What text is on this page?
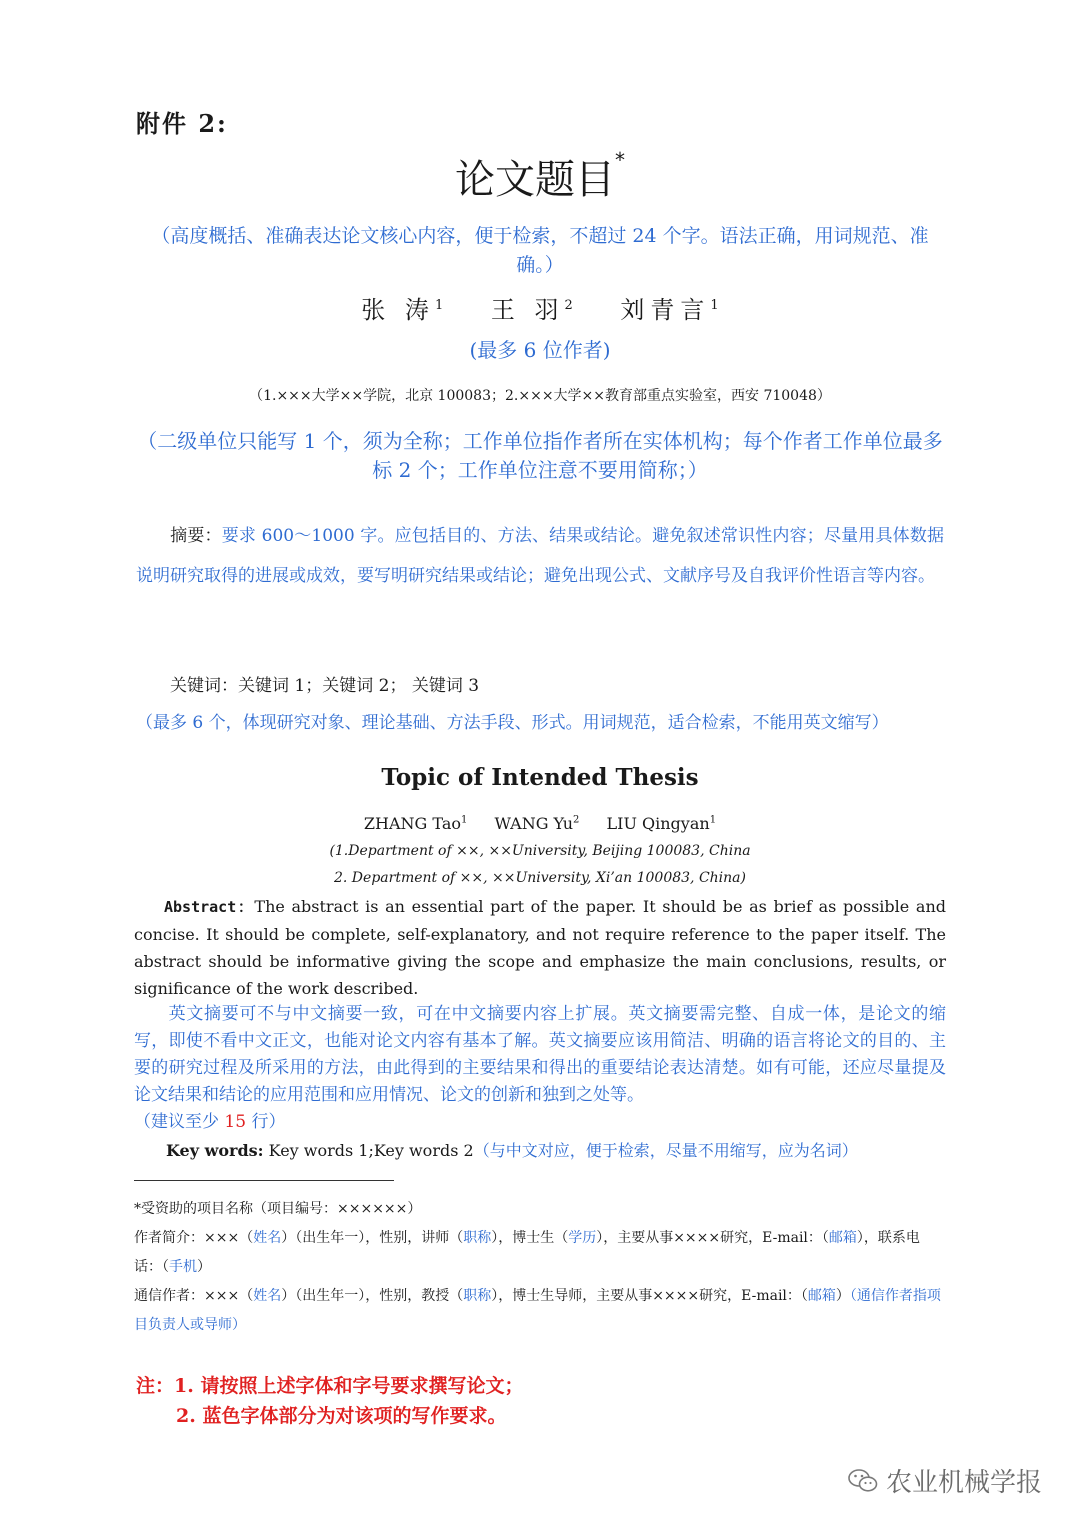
附件 2:
论文题目*
（高度概括、准确表达论文核心内容，便于检索，不超过 24 个字。语法正确，用词规范、准确。）
张 涛$^1$ 王 羽$^2$ 刘青言$^1$
(最多 6 位作者)
（1.×××大学××学院，北京 100083；2.×××大学××教育部重点实验室，西安 710048）
（二级单位只能写 1 个，须为全称；工作单位指作者所在实体机构；每个作者工作单位最多标 2 个；工作单位注意不要用简称；）
摘要：要求 600～1000 字。应包括目的、方法、结果或结论。避免叙述常识性内容；尽量用具体数据说明研究取得的进展或成效，要写明研究结果或结论；避免出现公式、文献序号及自我评价性语言等内容。
关键词：关键词 1；关键词 2； 关键词 3
（最多 6 个，体现研究对象、理论基础、方法手段、形式。用词规范，适合检索，不能用英文缩写）
Topic of Intended Thesis
ZHANG Tao$^1$ WANG Yu$^2$ LIU Qingyan$^1$
(1.Department of ××, ××University, Beijing 100083, China
2. Department of ××, ××University, Xi’an 100083, China)
Abstract：The abstract is an essential part of the paper. It should be as brief as possible and concise. It should be complete, self-explanatory, and not require reference to the paper itself. The abstract should be informative giving the scope and emphasize the main conclusions, results, or significance of the work described.
英文摘要可不与中文摘要一致，可在中文摘要内容上扩展。英文摘要需完整、自成一体，是论文的缩写，即使不看中文正文，也能对论文内容有基本了解。英文摘要应该用简洁、明确的语言将论文的目的、主要的研究过程及所采用的方法，由此得到的主要结果和得出的重要结论表达清楚。如有可能，还应尽量提及论文结果和结论的应用范围和应用情况、论文的创新和独到之处等。
（建议至少 15 行）
Key words: Key words 1;Key words 2（与中文对应，便于检索，尽量不用缩写，应为名词）
*受资助的项目名称（项目编号：××××××）
作者简介：×××（姓名）（出生年一），性别，讲师（职称），博士生（学历），主要从事××××研究，E-mail：（邮箱），联系电话：（手机）
通信作者：×××（姓名）（出生年一），性别，教授（职称），博士生导师，主要从事××××研究，E-mail：（邮箱）（通信作者指项目负责人或导师）
注：1. 请按照上述字体和字号要求撰写论文；
2. 蓝色字体部分为对该项的写作要求。
农业机械学报
